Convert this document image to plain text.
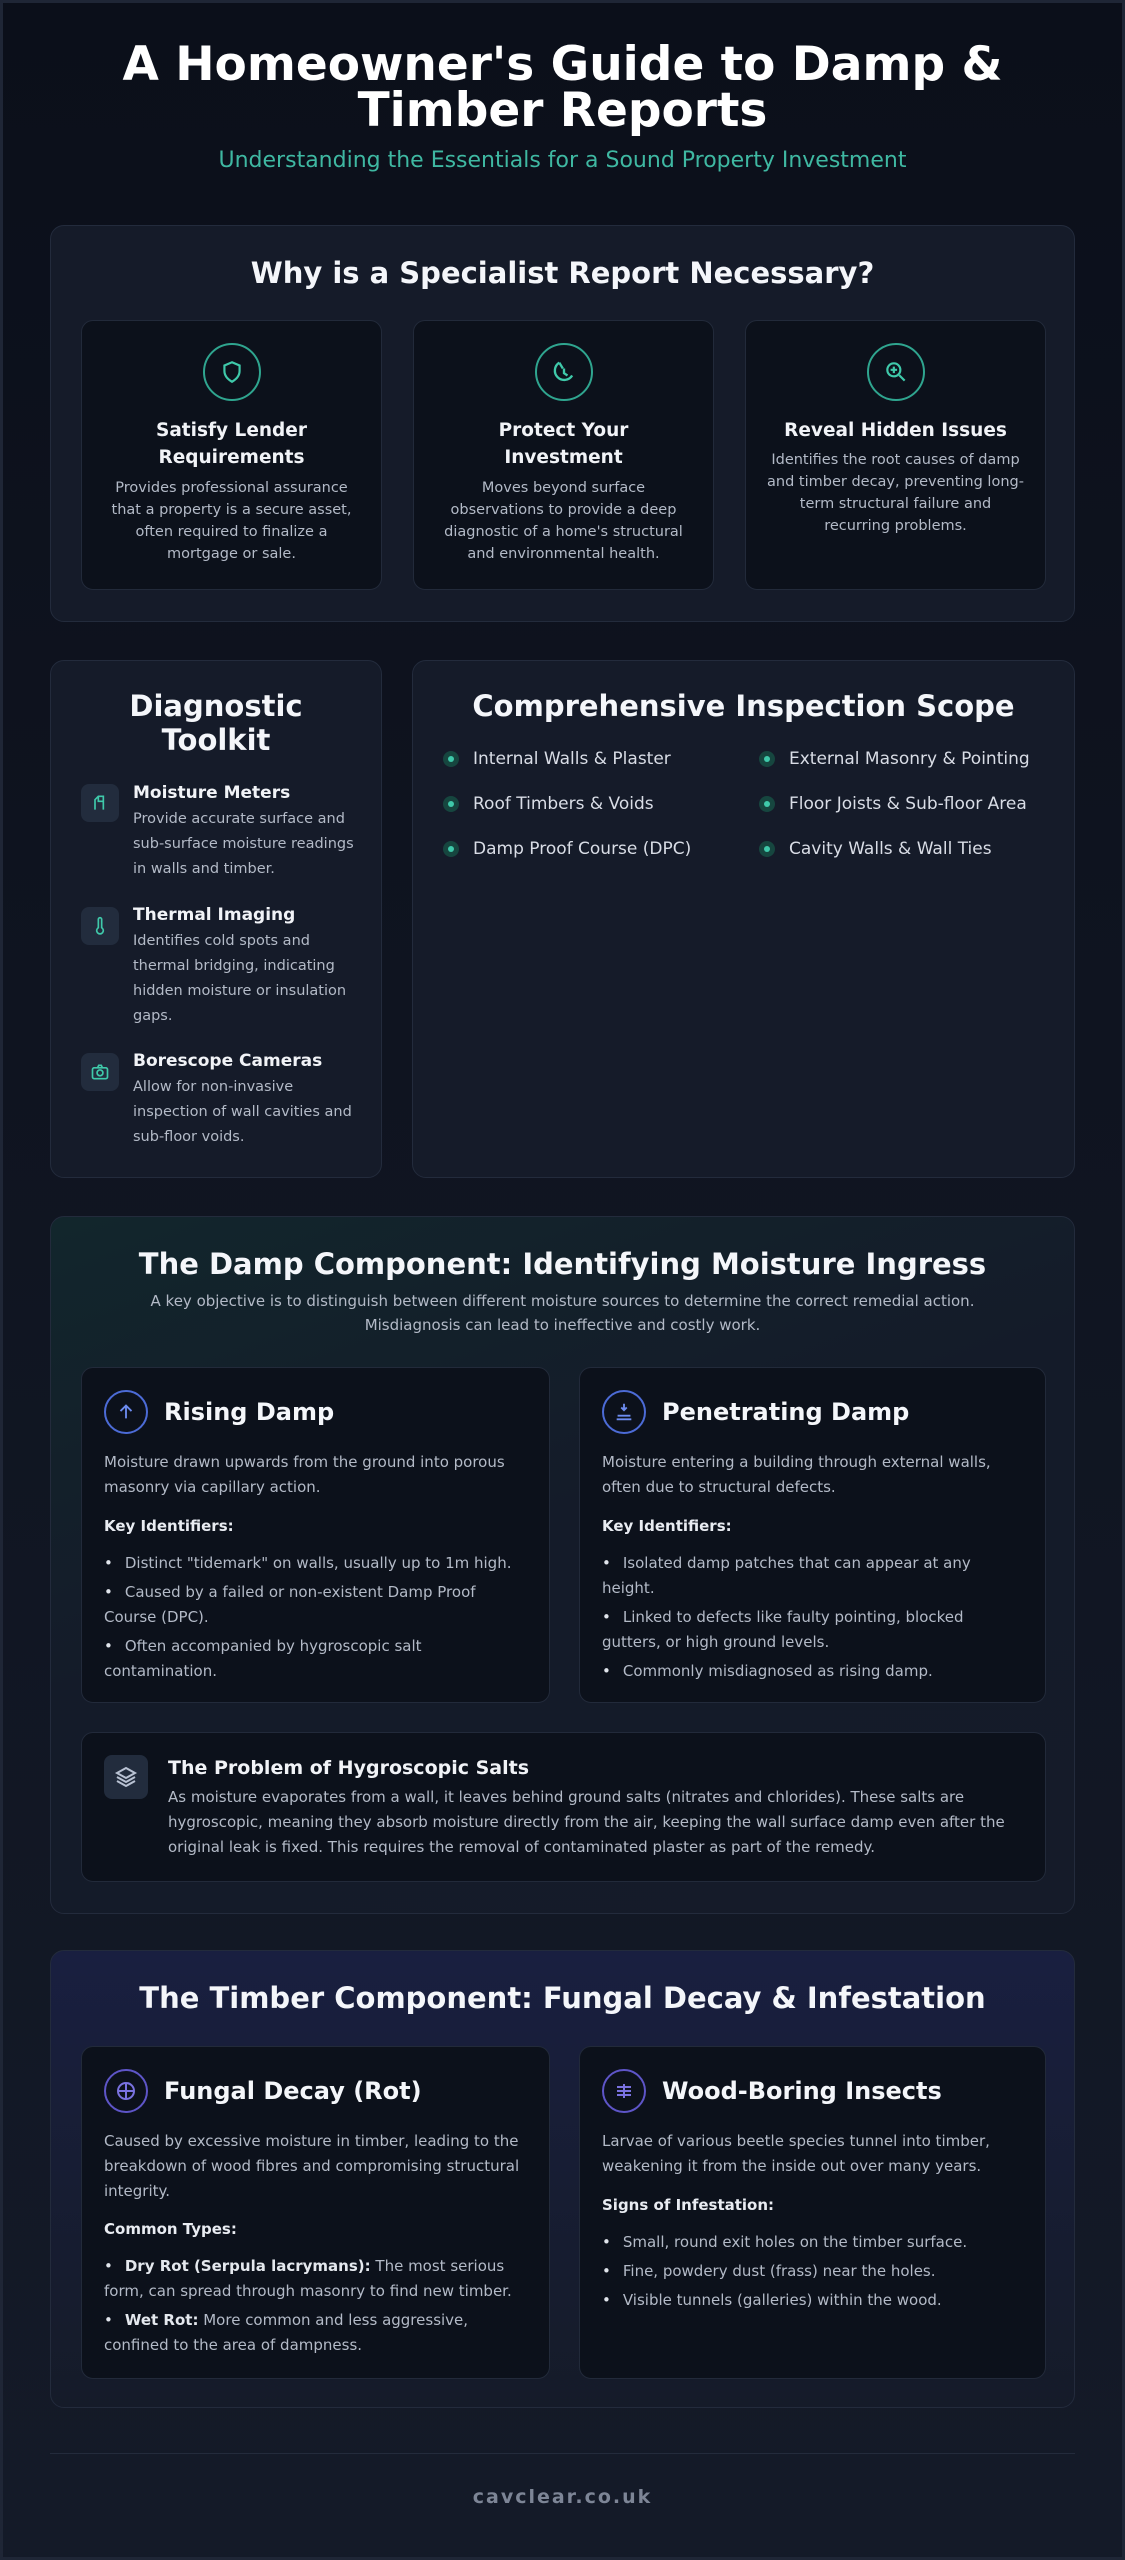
A Homeowner's Guide to Damp & Timber Reports
Understanding the Essentials for a Sound Property Investment
Why is a Specialist Report Necessary?
Satisfy Lender Requirements
Provides professional assurance that a property is a secure asset, often required to finalize a mortgage or sale.
Protect Your Investment
Moves beyond surface observations to provide a deep diagnostic of a home's structural and environmental health.
Reveal Hidden Issues
Identifies the root causes of damp and timber decay, preventing long-term structural failure and recurring problems.
Diagnostic Toolkit
Moisture Meters
Provide accurate surface and sub-surface moisture readings in walls and timber.
Thermal Imaging
Identifies cold spots and thermal bridging, indicating hidden moisture or insulation gaps.
Borescope Cameras
Allow for non-invasive inspection of wall cavities and sub-floor voids.
Comprehensive Inspection Scope
Internal Walls & Plaster
Roof Timbers & Voids
Damp Proof Course (DPC)
External Masonry & Pointing
Floor Joists & Sub-floor Area
Cavity Walls & Wall Ties
The Damp Component: Identifying Moisture Ingress
A key objective is to distinguish between different moisture sources to determine the correct remedial action. Misdiagnosis can lead to ineffective and costly work.
Rising Damp
Moisture drawn upwards from the ground into porous masonry via capillary action.
Key Identifiers:
• Distinct "tidemark" on walls, usually up to 1m high.
• Caused by a failed or non-existent Damp Proof Course (DPC).
• Often accompanied by hygroscopic salt contamination.
Penetrating Damp
Moisture entering a building through external walls, often due to structural defects.
Key Identifiers:
• Isolated damp patches that can appear at any height.
• Linked to defects like faulty pointing, blocked gutters, or high ground levels.
• Commonly misdiagnosed as rising damp.
The Problem of Hygroscopic Salts
As moisture evaporates from a wall, it leaves behind ground salts (nitrates and chlorides). These salts are hygroscopic, meaning they absorb moisture directly from the air, keeping the wall surface damp even after the original leak is fixed. This requires the removal of contaminated plaster as part of the remedy.
The Timber Component: Fungal Decay & Infestation
Fungal Decay (Rot)
Caused by excessive moisture in timber, leading to the breakdown of wood fibres and compromising structural integrity.
Common Types:
• Dry Rot (Serpula lacrymans): The most serious form, can spread through masonry to find new timber.
• Wet Rot: More common and less aggressive, confined to the area of dampness.
Wood-Boring Insects
Larvae of various beetle species tunnel into timber, weakening it from the inside out over many years.
Signs of Infestation:
• Small, round exit holes on the timber surface.
• Fine, powdery dust (frass) near the holes.
• Visible tunnels (galleries) within the wood.
cavclear.co.uk
